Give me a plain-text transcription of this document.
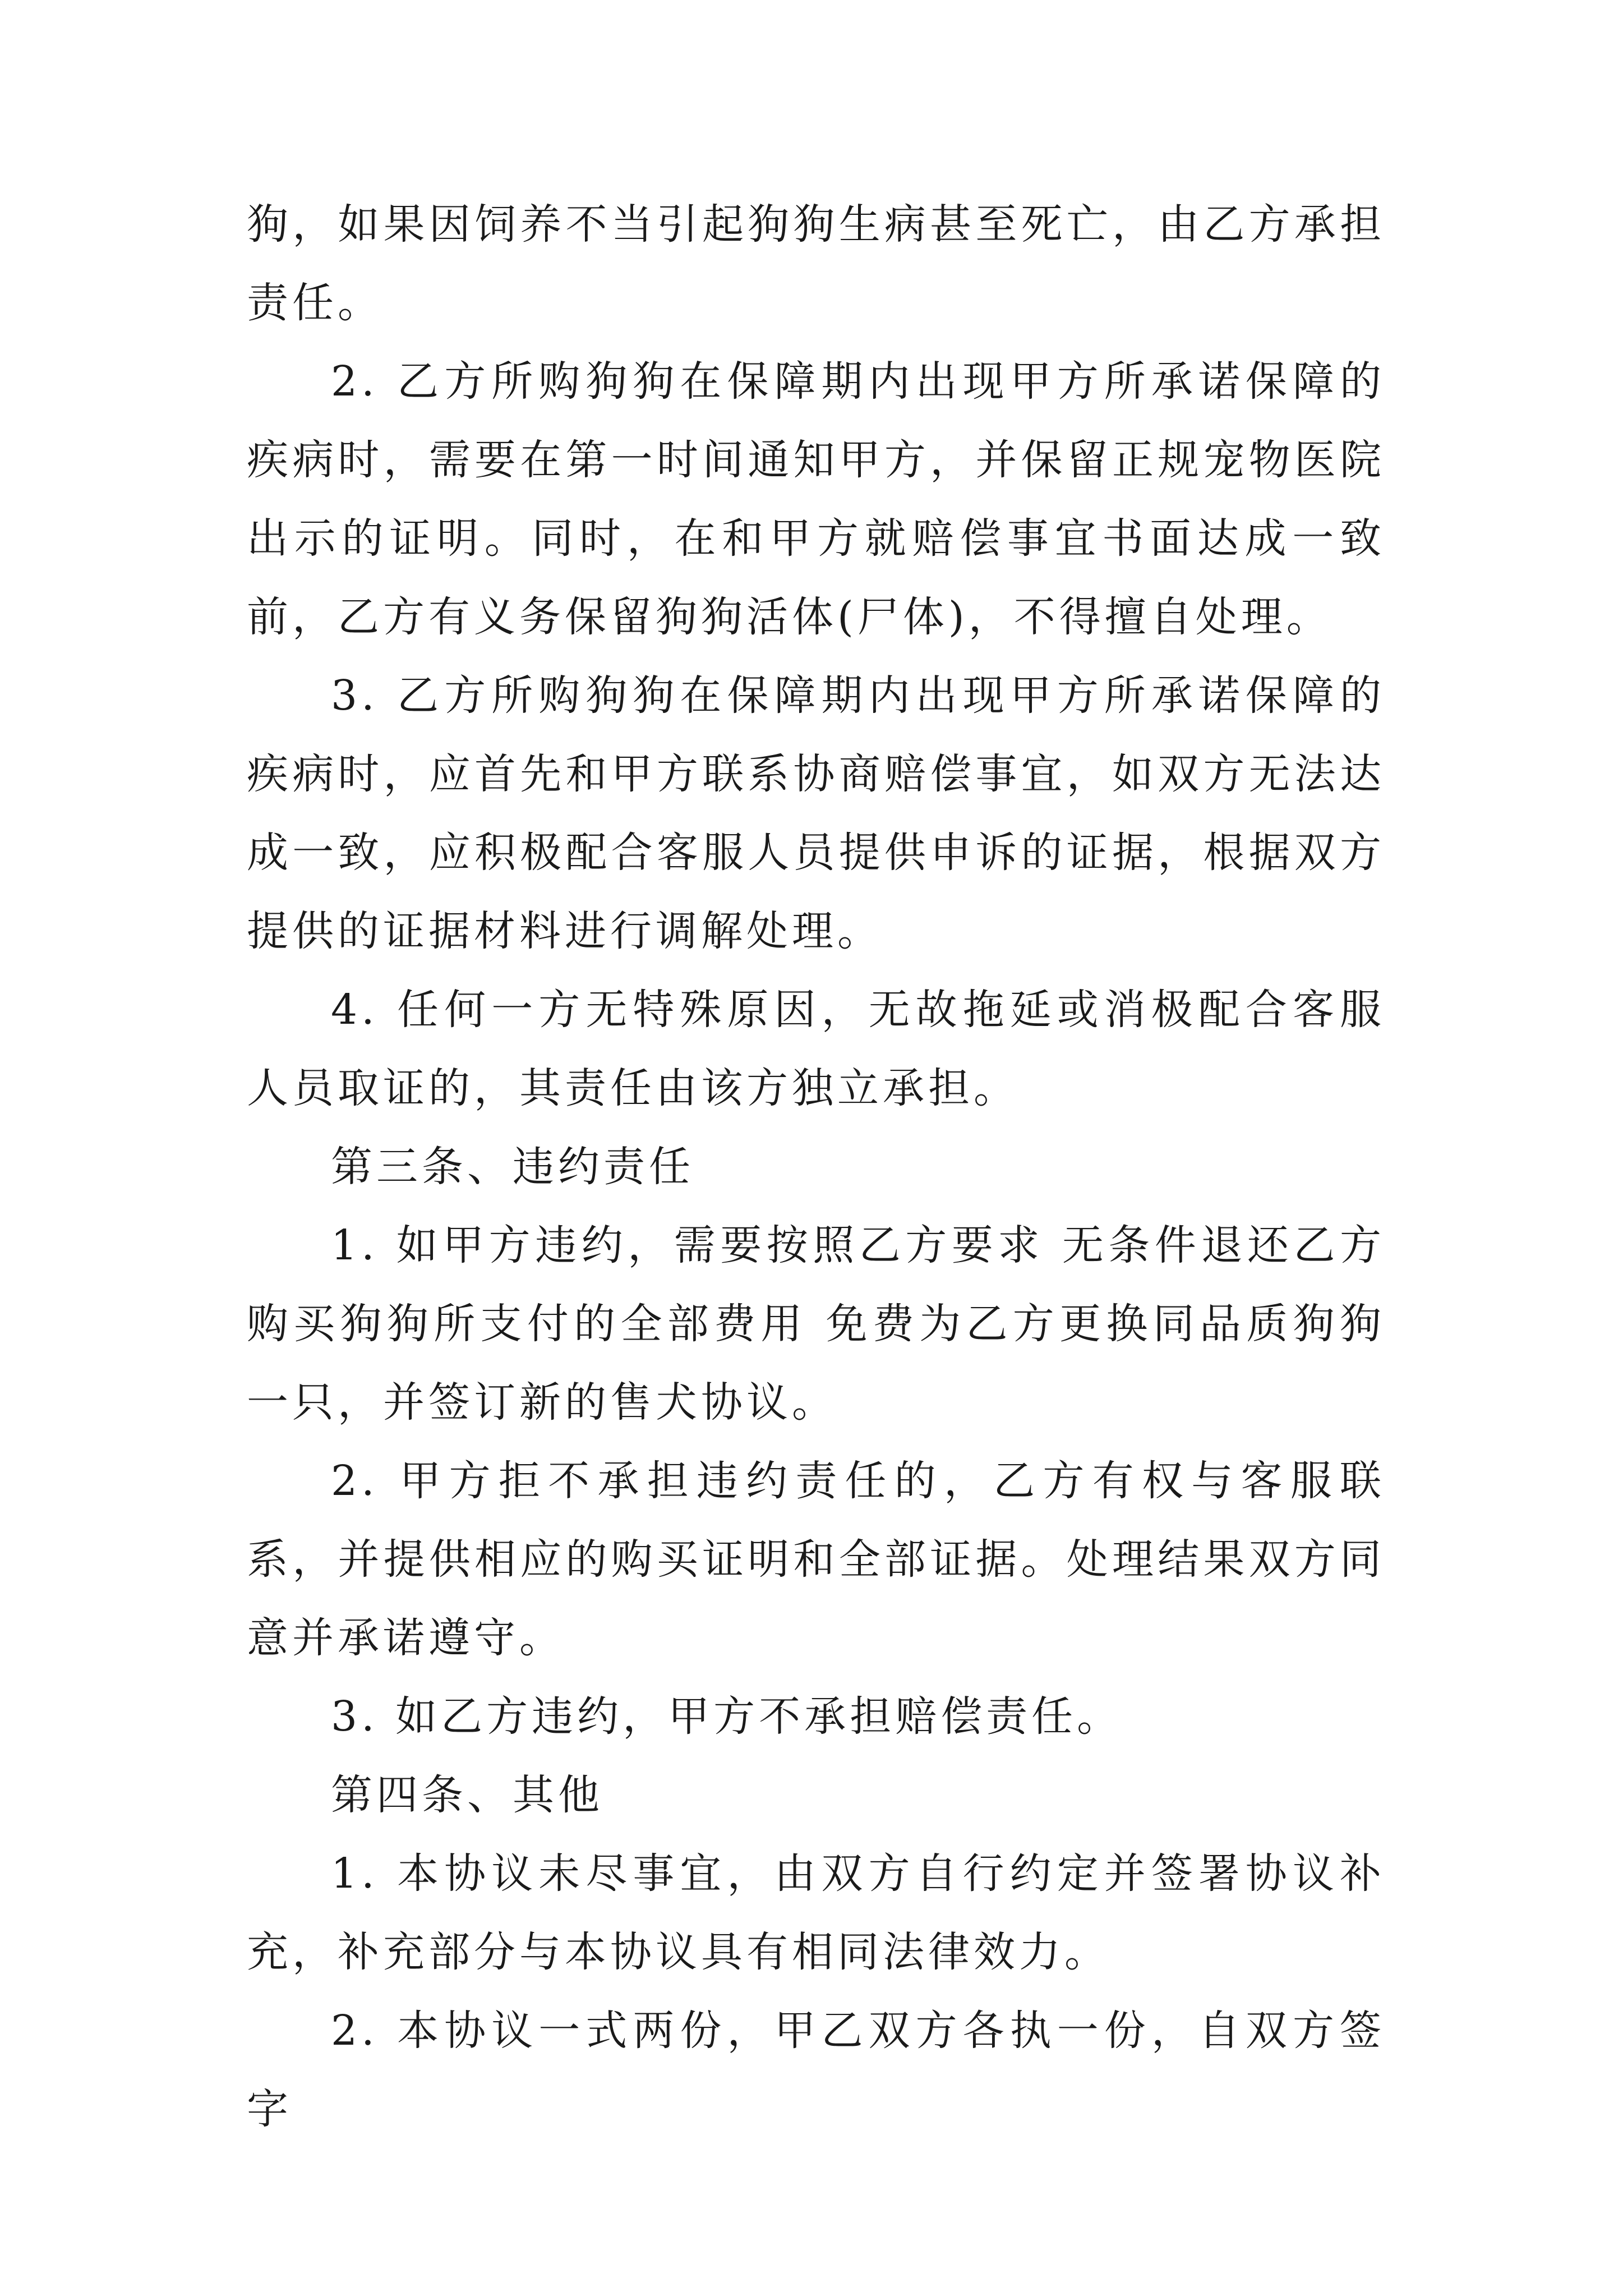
狗，如果因饲养不当引起狗狗生病甚至死亡，由乙方承担责任。

2. 乙方所购狗狗在保障期内出现甲方所承诺保障的疾病时，需要在第一时间通知甲方，并保留正规宠物医院出示的证明。同时，在和甲方就赔偿事宜书面达成一致前，乙方有义务保留狗狗活体(尸体)，不得擅自处理。

3. 乙方所购狗狗在保障期内出现甲方所承诺保障的疾病时，应首先和甲方联系协商赔偿事宜，如双方无法达成一致，应积极配合客服人员提供申诉的证据，根据双方提供的证据材料进行调解处理。

4. 任何一方无特殊原因，无故拖延或消极配合客服人员取证的，其责任由该方独立承担。

第三条、违约责任

1. 如甲方违约，需要按照乙方要求 无条件退还乙方购买狗狗所支付的全部费用 免费为乙方更换同品质狗狗一只，并签订新的售犬协议。

2. 甲方拒不承担违约责任的，乙方有权与客服联系，并提供相应的购买证明和全部证据。处理结果双方同意并承诺遵守。

3. 如乙方违约，甲方不承担赔偿责任。

第四条、其他

1. 本协议未尽事宜，由双方自行约定并签署协议补充，补充部分与本协议具有相同法律效力。

2. 本协议一式两份，甲乙双方各执一份，自双方签字
